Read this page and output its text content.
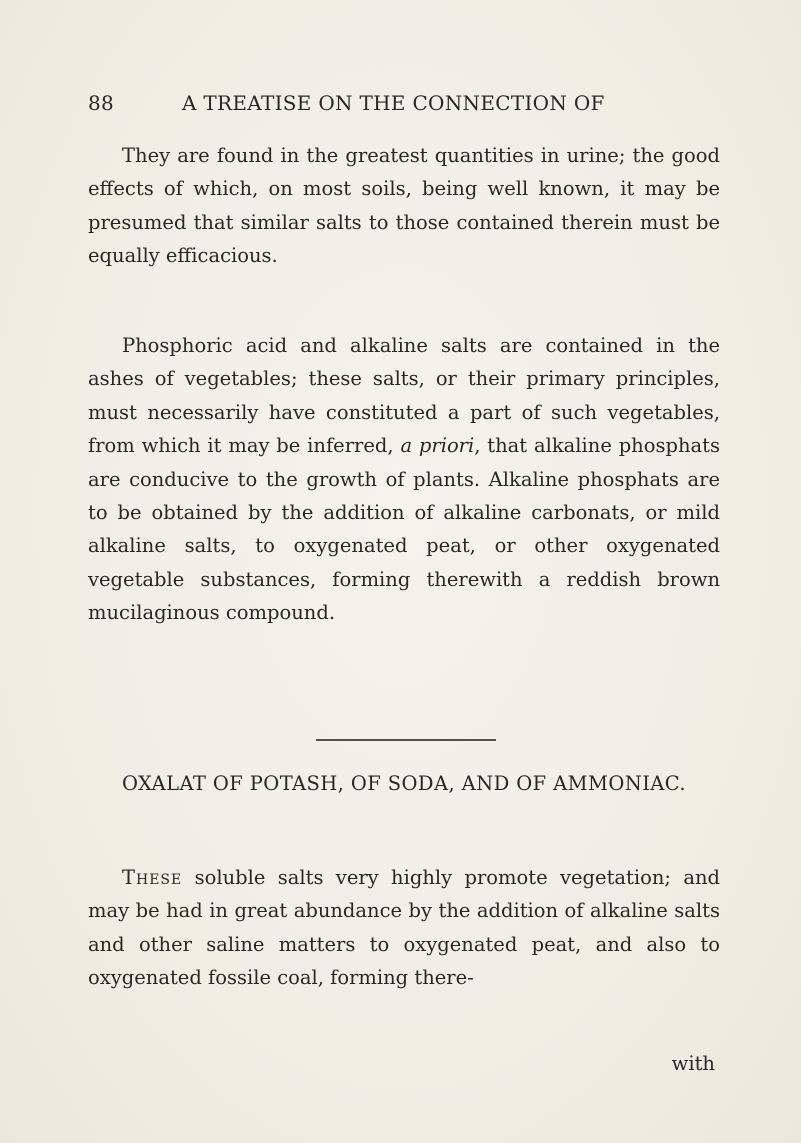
88	A TREATISE ON THE CONNECTION OF

They are found in the greatest quantities in urine; the good effects of which, on most soils, being well known, it may be presumed that similar salts to those contained therein must be equally efficacious.

Phosphoric acid and alkaline salts are contained in the ashes of vegetables; these salts, or their primary principles, must necessarily have constituted a part of such vegetables, from which it may be inferred, a priori, that alkaline phosphats are conducive to the growth of plants. Alkaline phosphats are to be obtained by the addition of alkaline carbonats, or mild alkaline salts, to oxygenated peat, or other oxygenated vegetable substances, forming therewith a reddish brown mucilaginous compound.

OXALAT OF POTASH, OF SODA, AND OF AMMONIAC.

These soluble salts very highly promote vegetation; and may be had in great abundance by the addition of alkaline salts and other saline matters to oxygenated peat, and also to oxygenated fossile coal, forming there-

with
